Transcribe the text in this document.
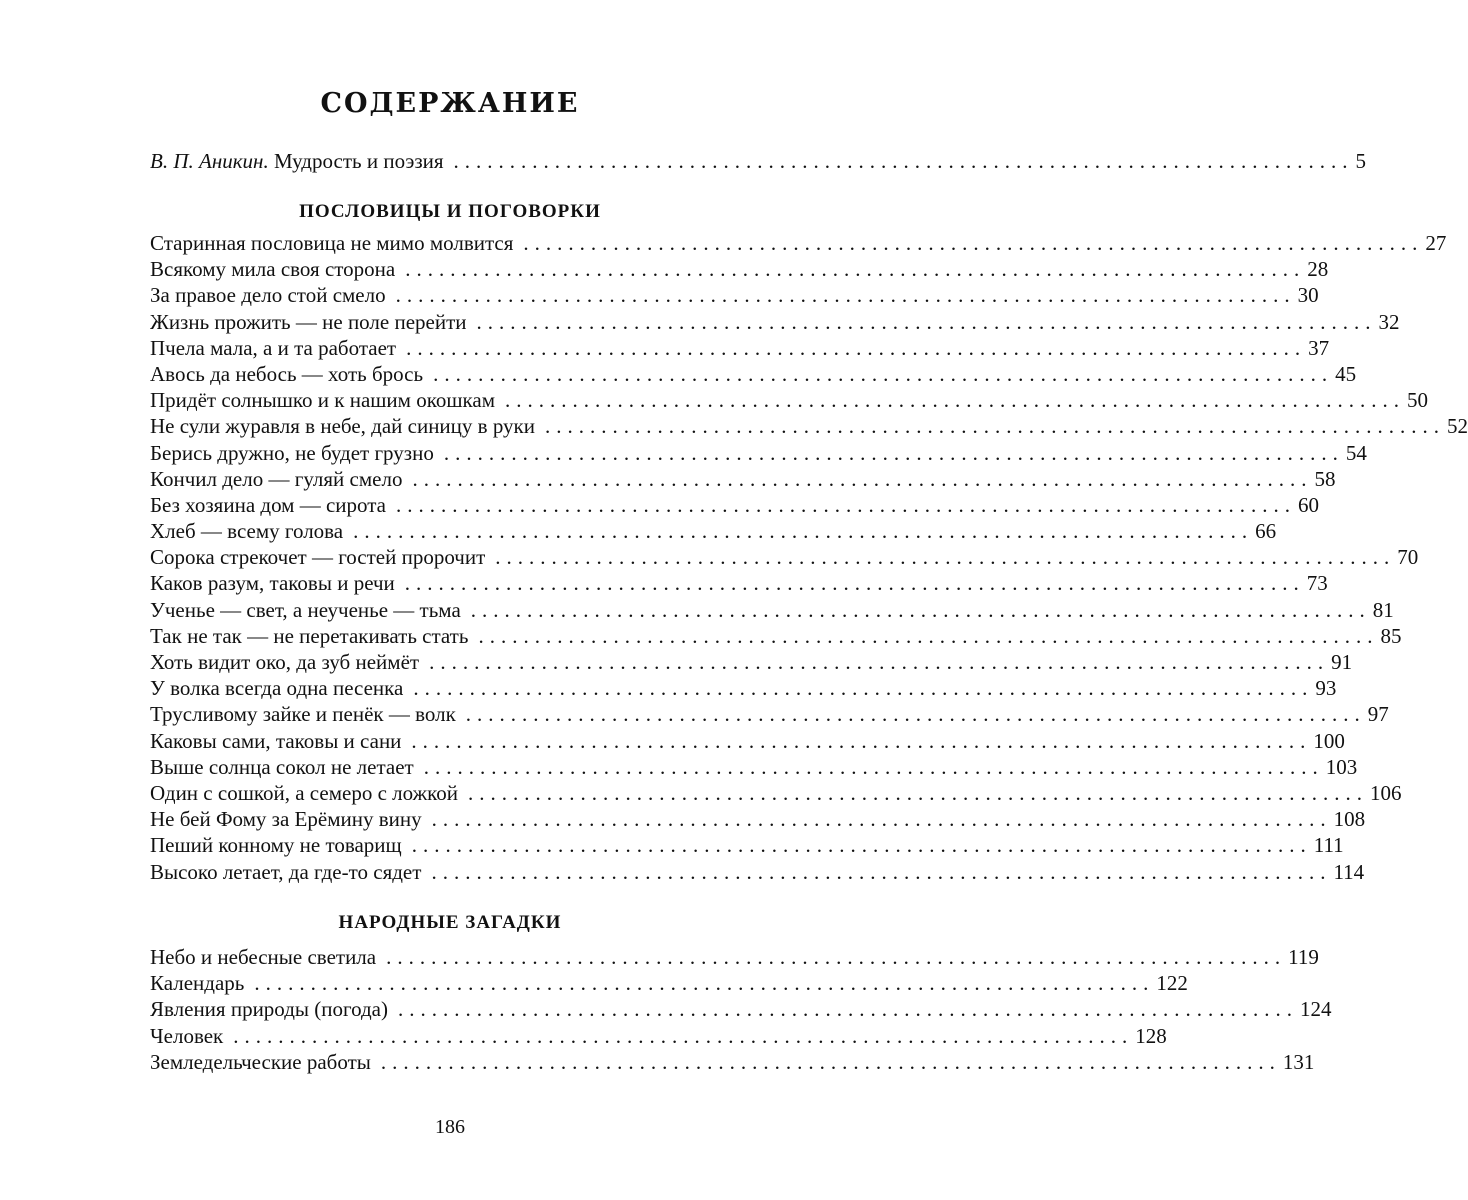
СОДЕРЖАНИЕ
В. П. Аникин. Мудрость и поэзия ................................................................................ 5
ПОСЛОВИЦЫ И ПОГОВОРКИ
Старинная пословица не мимо молвится ................................................................................ 27
Всякому мила своя сторона ................................................................................ 28
За правое дело стой смело ................................................................................ 30
Жизнь прожить — не поле перейти ................................................................................ 32
Пчела мала, а и та работает ................................................................................ 37
Авось да небось — хоть брось ................................................................................ 45
Придёт солнышко и к нашим окошкам ................................................................................ 50
Не сули журавля в небе, дай синицу в руки ................................................................................ 52
Берись дружно, не будет грузно ................................................................................ 54
Кончил дело — гуляй смело ................................................................................ 58
Без хозяина дом — сирота ................................................................................ 60
Хлеб — всему голова ................................................................................ 66
Сорока стрекочет — гостей пророчит ................................................................................ 70
Каков разум, таковы и речи ................................................................................ 73
Ученье — свет, а неученье — тьма ................................................................................ 81
Так не так — не перетакивать стать ................................................................................ 85
Хоть видит око, да зуб неймёт ................................................................................ 91
У волка всегда одна песенка ................................................................................ 93
Трусливому зайке и пенёк — волк ................................................................................ 97
Каковы сами, таковы и сани ................................................................................ 100
Выше солнца сокол не летает ................................................................................ 103
Один с сошкой, а семеро с ложкой ................................................................................ 106
Не бей Фому за Ерёмину вину ................................................................................ 108
Пеший конному не товарищ ................................................................................ 111
Высоко летает, да где-то сядет ................................................................................ 114
НАРОДНЫЕ ЗАГАДКИ
Небо и небесные светила ................................................................................ 119
Календарь ................................................................................ 122
Явления природы (погода) ................................................................................ 124
Человек ................................................................................ 128
Земледельческие работы ................................................................................ 131
186
